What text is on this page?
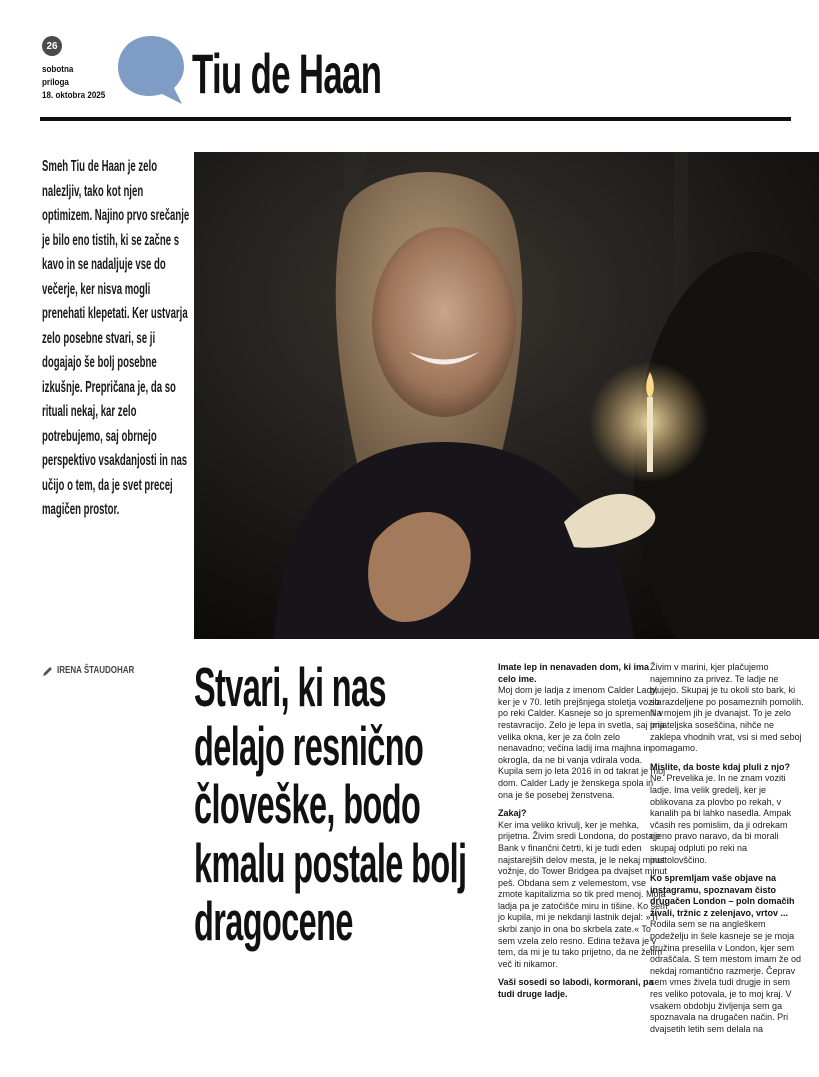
26
sobotna
priloga
18. oktobra 2025 Tiu de Haan
Smeh Tiu de Haan je zelo nalezljiv, tako kot njen optimizem. Najino prvo srečanje je bilo eno tistih, ki se začne s kavo in se nadaljuje vse do večerje, ker nisva mogli prenehati klepetati. Ker ustvarja zelo posebne stvari, se ji dogajajo še bolj posebne izkušnje. Prepričana je, da so rituali nekaj, kar zelo potrebujemo, saj obrnejo perspektivo vsakdanjosti in nas učijo o tem, da je svet precej magičen prostor.
IRENA ŠTAUDOHAR Stvari, ki nas delajo resnično človeške, bodo kmalu postale bolj dragocene

Imate lep in nenavaden dom, ki ima celo ime.
Moj dom je ladja z imenom Calder Lady, ker je v 70. letih prejšnjega stoletja vozila po reki Calder. Kasneje so jo spremenili v restavracijo. Zelo je lepa in svetla, saj ima velika okna, ker je za čoln zelo nenavadno; večina ladij ima majhna in okrogla, da ne bi vanja vdirala voda. Kupila sem jo leta 2016 in od takrat je moj dom. Calder Lady je ženskega spola in ona je še posebej ženstvena.

Zakaj?
Ker ima veliko krivulj, ker je mehka, prijetna. Živim sredi Londona, do postaje Bank v finančni četrti, ki je tudi eden najstarejših delov mesta, je le nekaj minut vožnje, do Tower Bridgea pa dvajset minut peš. Obdana sem z velemestom, vse zmote kapitalizma so tik pred menoj. Moja ladja pa je zatočišče miru in tišine. Ko sem jo kupila, mi je nekdanji lastnik dejal: »Ti skrbi zanjo in ona bo skrbela zate.« To sem vzela zelo resno. Edina težava je v tem, da mi je tu tako prijetno, da ne želim več iti nikamor.

Vaši sosedi so labodi, kormorani, pa tudi druge ladje.

Živim v marini, kjer plačujemo najemnino za privez. Te ladje ne plujejo. Skupaj je tu okoli sto bark, ki so razdeljene po posameznih pomolih. Na mojem jih je dvanajst. To je zelo prijateljska soseščina, nihče ne zaklepa vhodnih vrat, vsi si med seboj pomagamo.

Mislite, da boste kdaj pluli z njo?
Ne. Prevelika je. In ne znam voziti ladje. Ima velik gredelj, ker je oblikovana za plovbo po rekah, v kanalih pa bi lahko nasedla. Ampak včasih res pomislim, da ji odrekam njeno pravo naravo, da bi morali skupaj odpluti po reki na pustolovščino.

Ko spremljam vaše objave na instagramu, spoznavam čisto drugačen London – poln domačih živali, tržnic z zelenjavo, vrtov ...
Rodila sem se na angleškem podeželju in šele kasneje se je moja družina preselila v London, kjer sem odraščala. S tem mestom imam že od nekdaj romantično razmerje. Čeprav sem vmes živela tudi drugje in sem res veliko potovala, je to moj kraj. V vsakem obdobju življenja sem ga spoznavala na drugačen način. Pri dvajsetih letih sem delala na
